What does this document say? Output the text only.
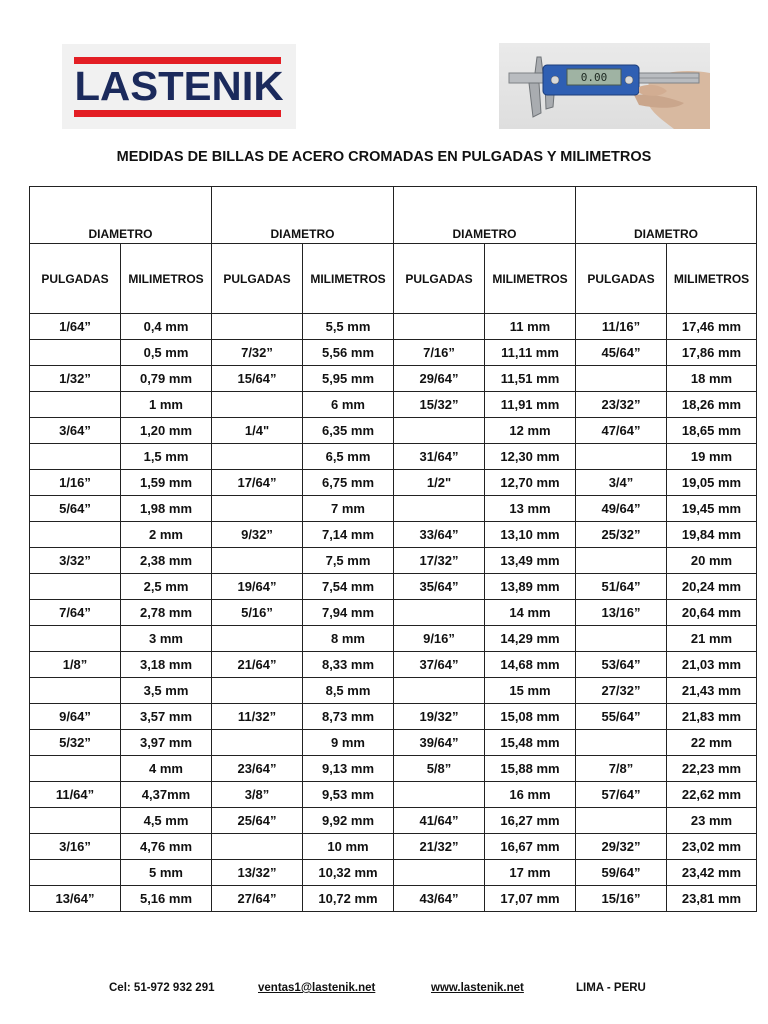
LASTENIK	0.00
MEDIDAS DE BILLAS DE ACERO CROMADAS EN PULGADAS Y MILIMETROS
DIAMETRO		DIAMETRO		DIAMETRO		DIAMETRO	
PULGADAS	MILIMETROS	PULGADAS	MILIMETROS	PULGADAS	MILIMETROS	PULGADAS	MILIMETROS
1/64”	0,4 mm		5,5 mm		11 mm	11/16”	17,46 mm
	0,5 mm	7/32”	5,56 mm	7/16”	11,11 mm	45/64”	17,86 mm
1/32”	0,79 mm	15/64”	5,95 mm	29/64”	11,51 mm		18 mm
	1 mm		6 mm	15/32”	11,91 mm	23/32”	18,26 mm
3/64”	1,20 mm	1/4"	6,35 mm		12 mm	47/64”	18,65 mm
	1,5 mm		6,5 mm	31/64”	12,30 mm		19 mm
1/16”	1,59 mm	17/64”	6,75 mm	1/2"	12,70 mm	3/4”	19,05 mm
5/64”	1,98 mm		7 mm		13 mm	49/64”	19,45 mm
	2 mm	9/32”	7,14 mm	33/64”	13,10 mm	25/32”	19,84 mm
3/32”	2,38 mm		7,5 mm	17/32”	13,49 mm		20 mm
	2,5 mm	19/64”	7,54 mm	35/64”	13,89 mm	51/64”	20,24 mm
7/64”	2,78 mm	5/16”	7,94 mm		14 mm	13/16”	20,64 mm
	3 mm		8 mm	9/16”	14,29 mm		21 mm
1/8”	3,18 mm	21/64”	8,33 mm	37/64”	14,68 mm	53/64”	21,03 mm
	3,5 mm		8,5 mm		15 mm	27/32”	21,43 mm
9/64”	3,57 mm	11/32”	8,73 mm	19/32”	15,08 mm	55/64”	21,83 mm
5/32”	3,97 mm		9 mm	39/64”	15,48 mm		22 mm
	4 mm	23/64”	9,13 mm	5/8”	15,88 mm	7/8”	22,23 mm
11/64”	4,37mm	3/8”	9,53 mm		16 mm	57/64”	22,62 mm
	4,5 mm	25/64”	9,92 mm	41/64”	16,27 mm		23 mm
3/16”	4,76 mm		10 mm	21/32”	16,67 mm	29/32”	23,02 mm
	5 mm	13/32”	10,32 mm		17 mm	59/64”	23,42 mm
13/64”	5,16 mm	27/64”	10,72 mm	43/64”	17,07 mm	15/16”	23,81 mm
Cel: 51-972 932 291	ventas1@lastenik.net	www.lastenik.net	LIMA - PERU
